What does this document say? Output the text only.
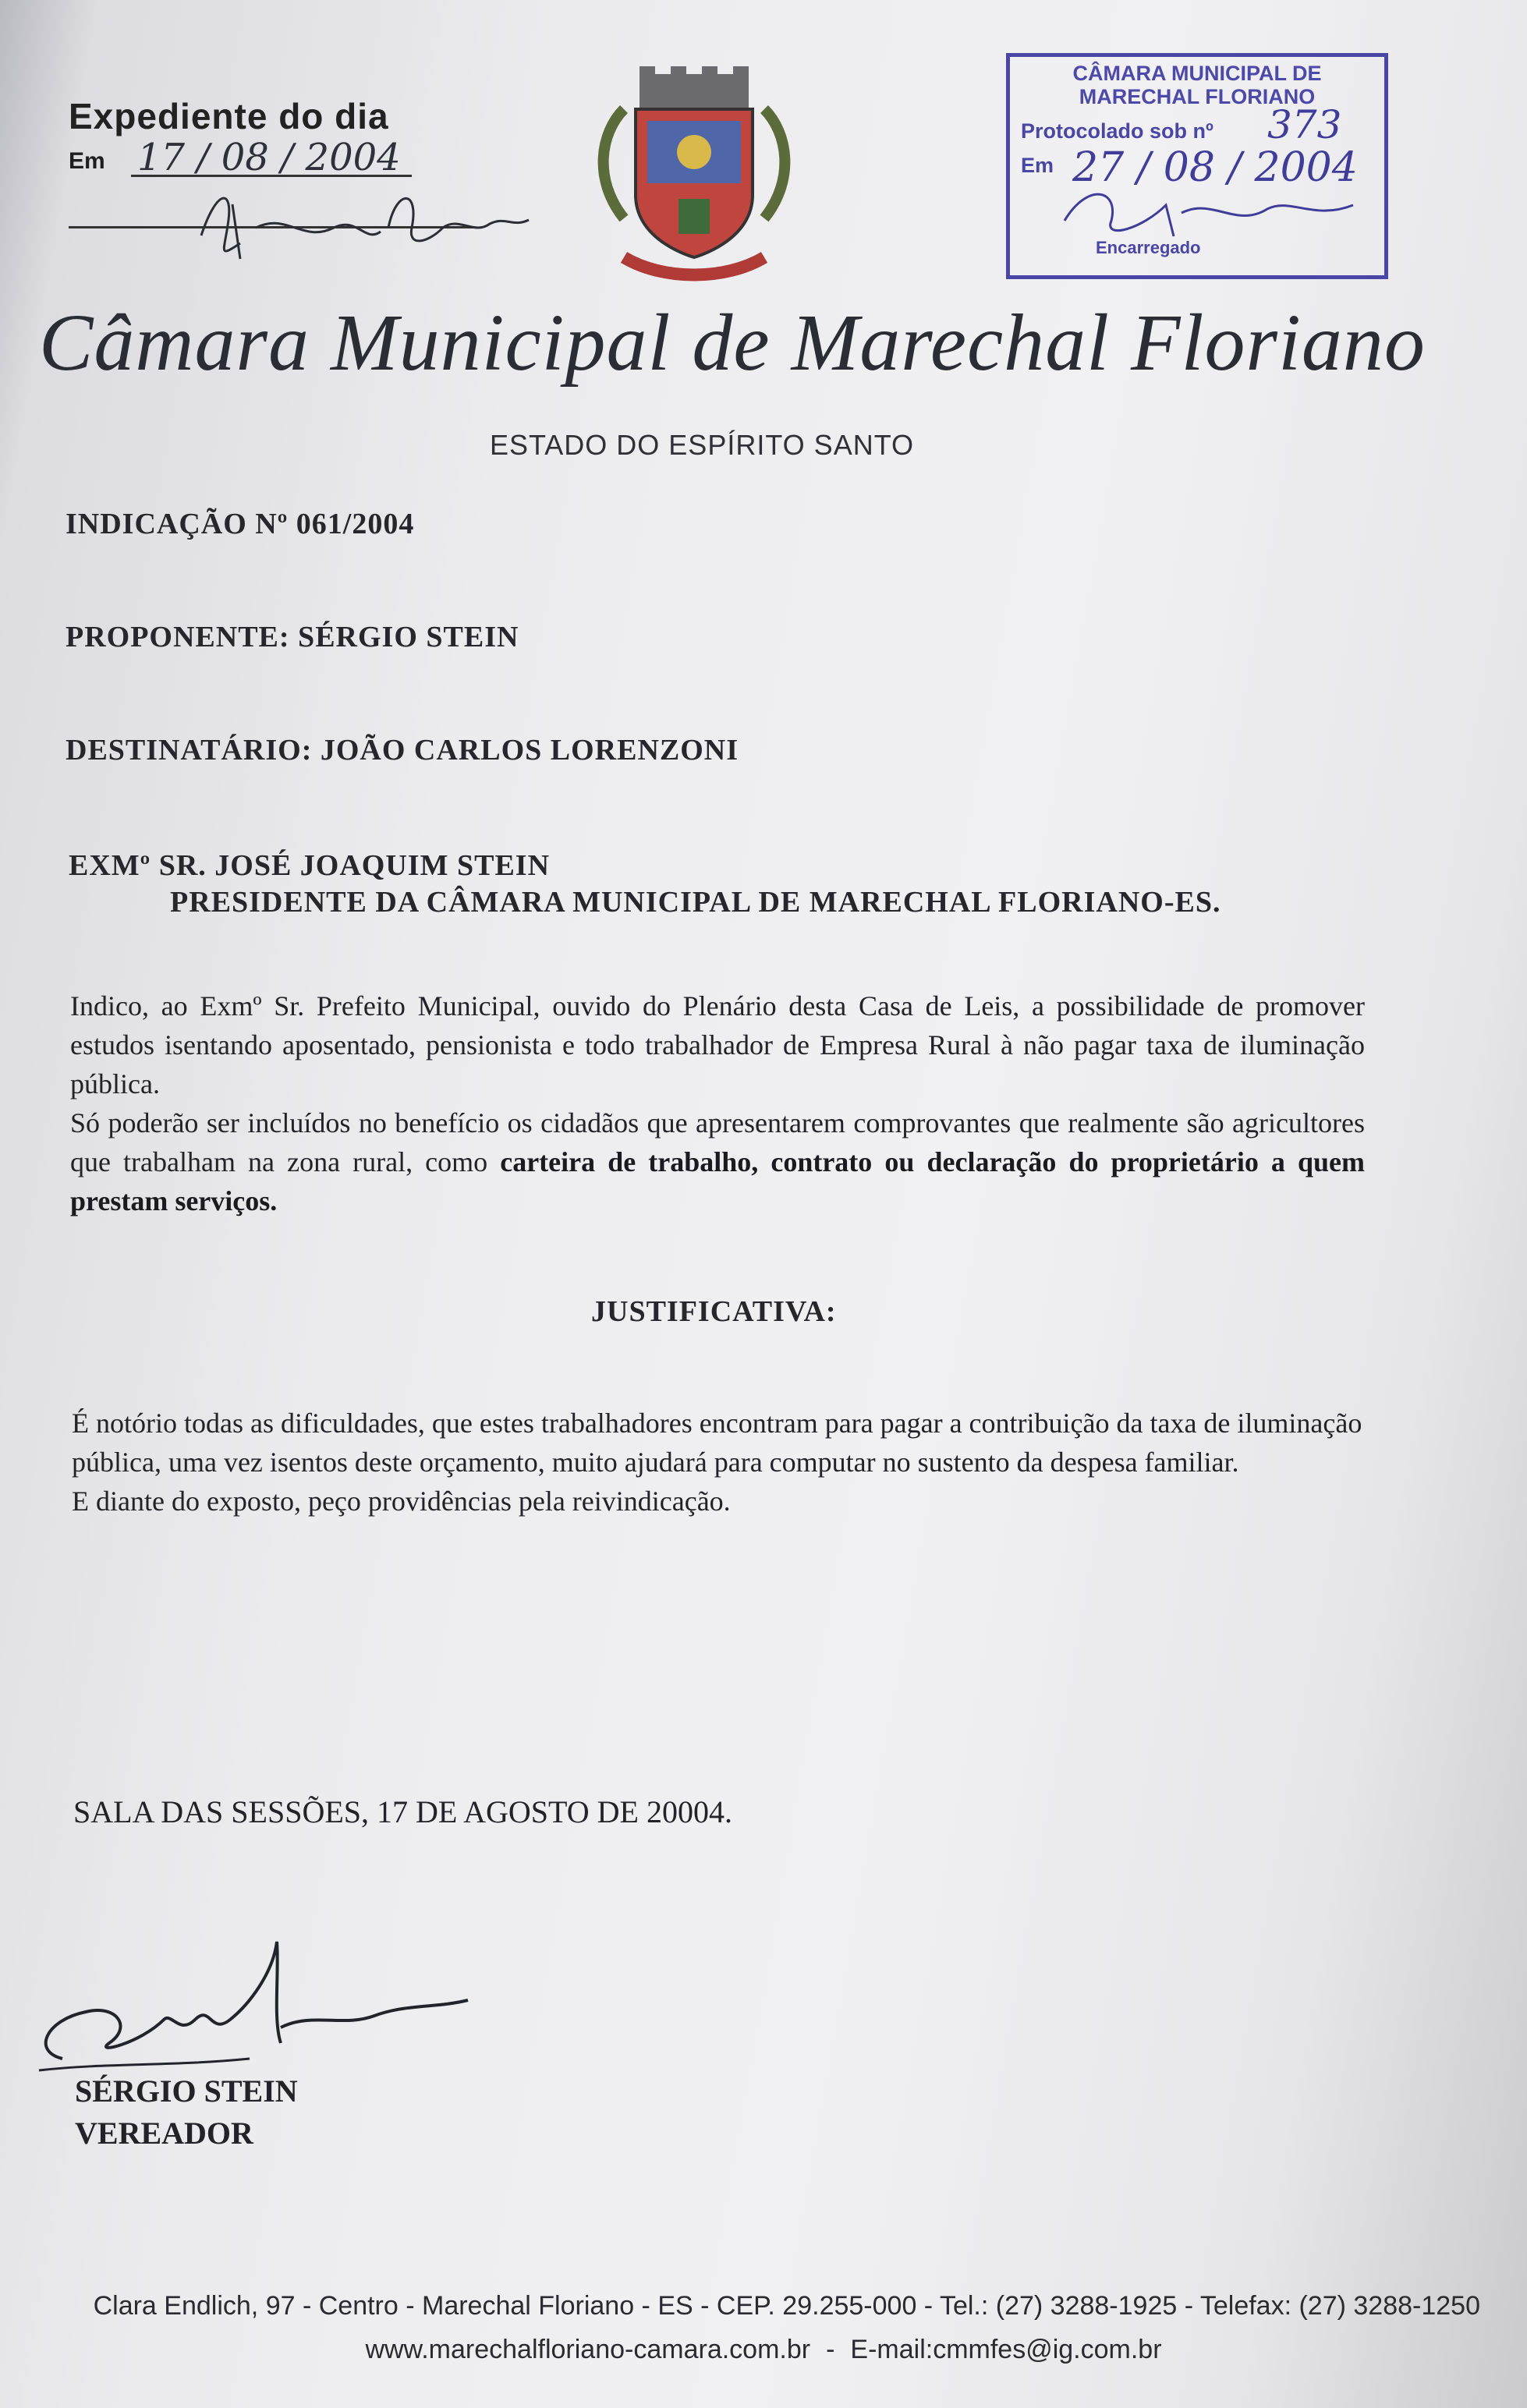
Expediente do dia
Em 17 / 08 / 2004
CÂMARA MUNICIPAL DE
MARECHAL FLORIANO
Protocolado sob nº 373
Em 27 / 08 / 2004
Encarregado
Câmara Municipal de Marechal Floriano
ESTADO DO ESPÍRITO SANTO
INDICAÇÃO Nº 061/2004
PROPONENTE: SÉRGIO STEIN
DESTINATÁRIO: JOÃO CARLOS LORENZONI
EXMº SR. JOSÉ JOAQUIM STEIN
PRESIDENTE DA CÂMARA MUNICIPAL DE MARECHAL FLORIANO-ES.

Indico, ao Exmº Sr. Prefeito Municipal, ouvido do Plenário desta Casa de Leis, a possibilidade de promover estudos isentando aposentado, pensionista e todo trabalhador de Empresa Rural à não pagar taxa de iluminação pública.

Só poderão ser incluídos no benefício os cidadãos que apresentarem comprovantes que realmente são agricultores que trabalham na zona rural, como carteira de trabalho, contrato ou declaração do proprietário a quem prestam serviços.

JUSTIFICATIVA:

É notório todas as dificuldades, que estes trabalhadores encontram para pagar a contribuição da taxa de iluminação pública, uma vez isentos deste orçamento, muito ajudará para computar no sustento da despesa familiar.

E diante do exposto, peço providências pela reivindicação.

SALA DAS SESSÕES, 17 DE AGOSTO DE 20004.
SÉRGIO STEIN
VEREADOR
Clara Endlich, 97 - Centro - Marechal Floriano - ES - CEP. 29.255-000 - Tel.: (27) 3288-1925 - Telefax: (27) 3288-1250
www.marechalfloriano-camara.com.br - E-mail:cmmfes@ig.com.br
